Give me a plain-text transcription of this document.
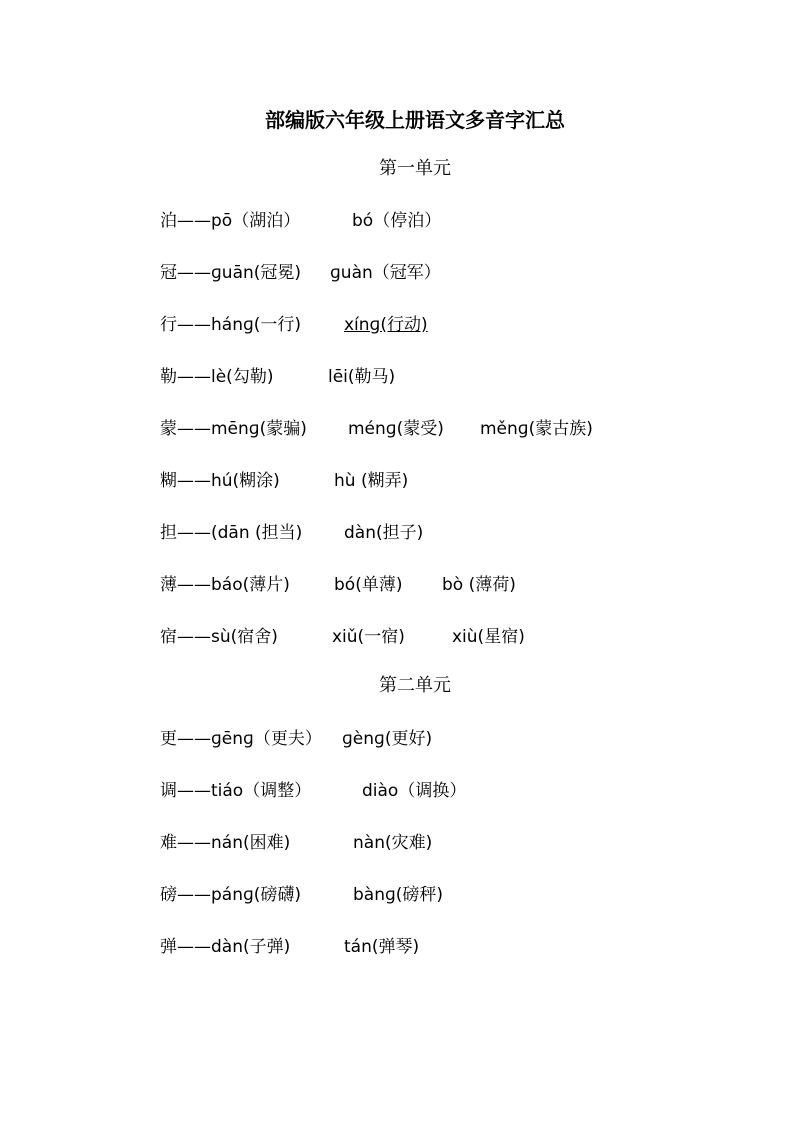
部编版六年级上册语文多音字汇总
第一单元
泊——pō（湖泊）	bó（停泊）
冠——ɡuān(冠冕) ɡuàn（冠军）
行——hánɡ(一行)	xínɡ(行动)
勒——lè(勾勒)	lēi(勒马)
蒙——mēnɡ(蒙骗) ménɡ(蒙受) měnɡ(蒙古族)
糊——hú(糊涂)	hù (糊弄)
担——(dān (担当) dàn(担子)
薄——báo(薄片)	bó(单薄) bò (薄荷)
宿——sù(宿舍)	xiǔ(一宿)	xiù(星宿)
第二单元
更——ɡēnɡ（更夫） ɡènɡ(更好)
调——tiáo（调整）	diào（调换）
难——nán(困难)	nàn(灾难)
磅——pánɡ(磅礴)	bànɡ(磅秤)
弹——dàn(子弹)	tán(弹琴)
